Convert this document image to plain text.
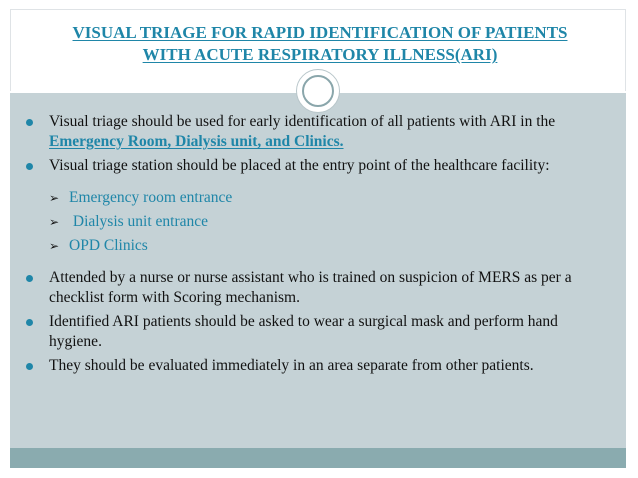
VISUAL TRIAGE FOR RAPID IDENTIFICATION OF PATIENTS
WITH ACUTE RESPIRATORY ILLNESS(ARI)

Visual triage should be used for early identification of all patients with ARI in the Emergency Room, Dialysis unit, and Clinics.

Visual triage station should be placed at the entry point of the healthcare facility:

➢ Emergency room entrance

➢ Dialysis unit entrance

➢ OPD Clinics

Attended by a nurse or nurse assistant who is trained on suspicion of MERS as per a checklist form with Scoring mechanism.

Identified ARI patients should be asked to wear a surgical mask and perform hand hygiene.

They should be evaluated immediately in an area separate from other patients.
